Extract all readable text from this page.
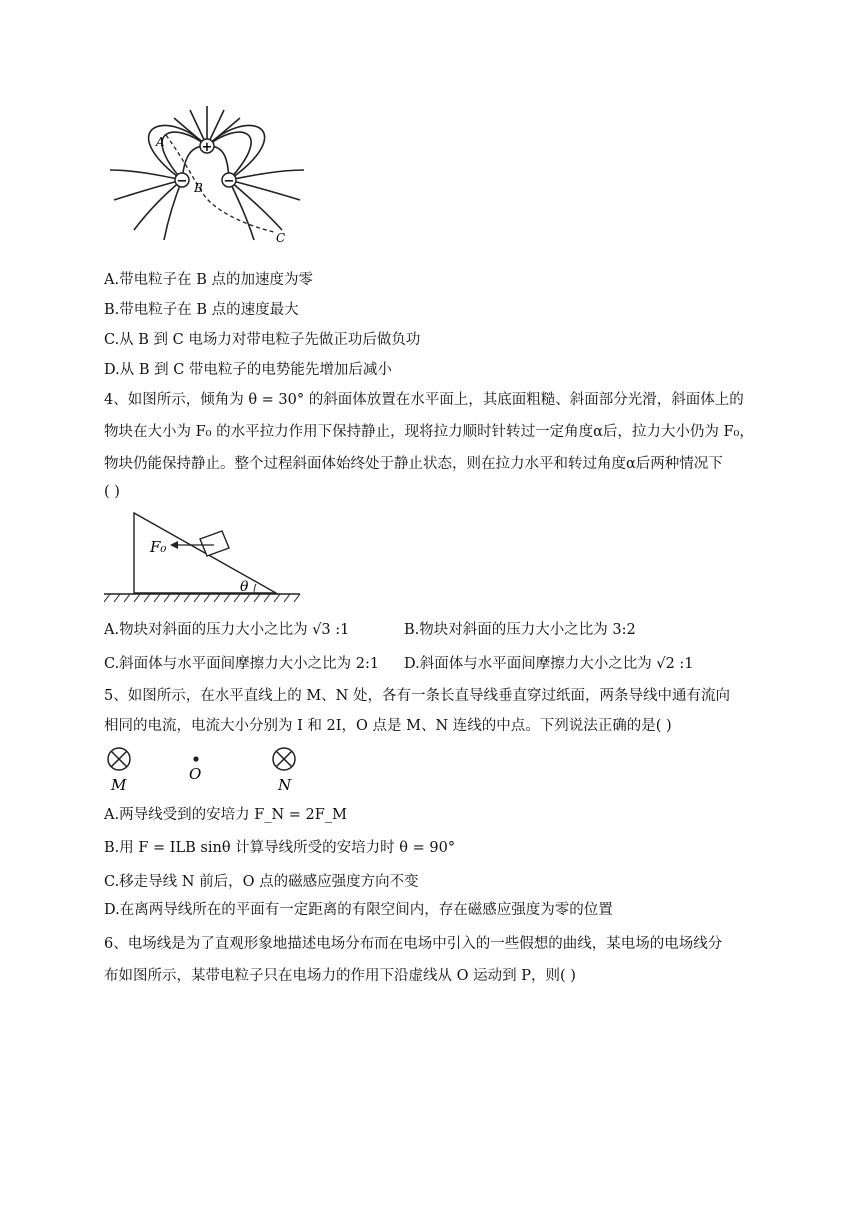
+
−	−
A
B
C
A.带电粒子在 B 点的加速度为零
B.带电粒子在 B 点的速度最大
C.从 B 到 C 电场力对带电粒子先做正功后做负功
D.从 B 到 C 带电粒子的电势能先增加后减小
4、如图所示，倾角为 θ = 30° 的斜面体放置在水平面上，其底面粗糙、斜面部分光滑，斜面体上的
物块在大小为 F₀ 的水平拉力作用下保持静止，现将拉力顺时针转过一定角度α后，拉力大小仍为 F₀，
物块仍能保持静止。整个过程斜面体始终处于静止状态，则在拉力水平和转过角度α后两种情况下
( )
F₀
θ
A.物块对斜面的压力大小之比为 √3 :1	B.物块对斜面的压力大小之比为 3:2
C.斜面体与水平面间摩擦力大小之比为 2:1 D.斜面体与水平面间摩擦力大小之比为 √2 :1
5、如图所示，在水平直线上的 M、N 处，各有一条长直导线垂直穿过纸面，两条导线中通有流向
相同的电流，电流大小分别为 I 和 2I，O 点是 M、N 连线的中点。下列说法正确的是( )
M
O
N
A.两导线受到的安培力 F_N = 2F_M
B.用 F = ILB sinθ 计算导线所受的安培力时 θ = 90°
C.移走导线 N 前后，O 点的磁感应强度方向不变
D.在离两导线所在的平面有一定距离的有限空间内，存在磁感应强度为零的位置
6、电场线是为了直观形象地描述电场分布而在电场中引入的一些假想的曲线，某电场的电场线分
布如图所示，某带电粒子只在电场力的作用下沿虚线从 O 运动到 P，则( )
